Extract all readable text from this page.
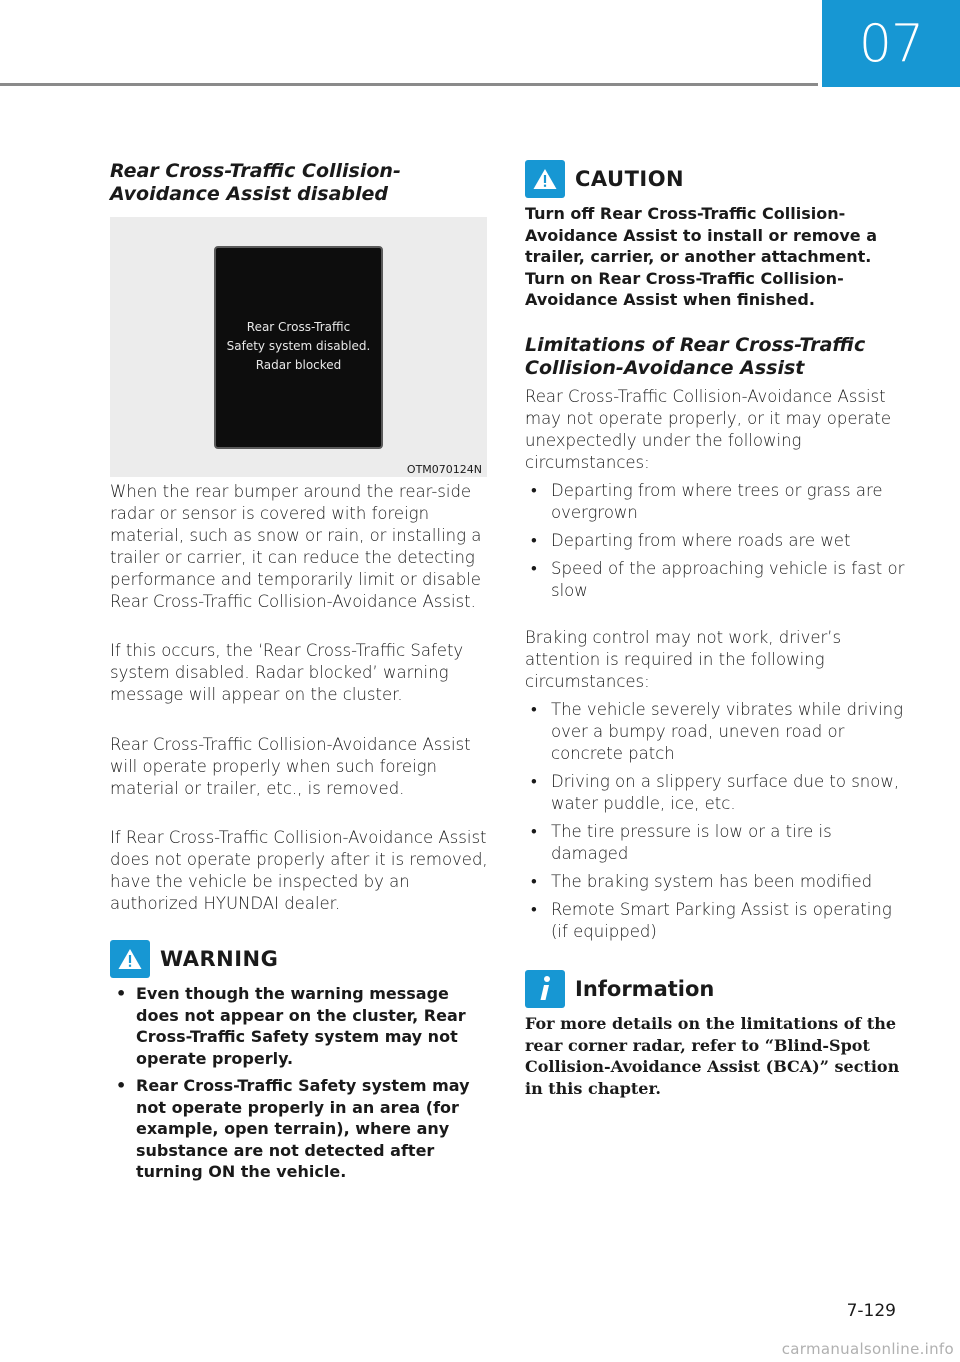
07
Rear Cross-Traffic Collision-
Avoidance Assist disabled
Rear Cross-Traffic
Safety system disabled.
Radar blocked
OTM070124N
When the rear bumper around the rear-side radar or sensor is covered with foreign material, such as snow or rain, or installing a trailer or carrier, it can reduce the detecting performance and temporarily limit or disable Rear Cross-Traffic Collision-Avoidance Assist.
If this occurs, the ‘Rear Cross-Traffic Safety system disabled. Radar blocked’ warning message will appear on the cluster.
Rear Cross-Traffic Collision-Avoidance Assist will operate properly when such foreign material or trailer, etc., is removed.
If Rear Cross-Traffic Collision-Avoidance Assist does not operate properly after it is removed, have the vehicle be inspected by an authorized HYUNDAI dealer.
WARNING
• Even though the warning message does not appear on the cluster, Rear Cross-Traffic Safety system may not operate properly.
• Rear Cross-Traffic Safety system may not operate properly in an area (for example, open terrain), where any substance are not detected after turning ON the vehicle.
CAUTION
Turn off Rear Cross-Traffic Collision-Avoidance Assist to install or remove a trailer, carrier, or another attachment. Turn on Rear Cross-Traffic Collision-Avoidance Assist when finished.
Limitations of Rear Cross-Traffic
Collision-Avoidance Assist
Rear Cross-Traffic Collision-Avoidance Assist may not operate properly, or it may operate unexpectedly under the following circumstances:
• Departing from where trees or grass are overgrown
• Departing from where roads are wet
• Speed of the approaching vehicle is fast or slow
Braking control may not work, driver’s attention is required in the following circumstances:
• The vehicle severely vibrates while driving over a bumpy road, uneven road or concrete patch
• Driving on a slippery surface due to snow, water puddle, ice, etc.
• The tire pressure is low or a tire is damaged
• The braking system has been modified
• Remote Smart Parking Assist is operating (if equipped)
Information
For more details on the limitations of the rear corner radar, refer to “Blind-Spot Collision-Avoidance Assist (BCA)” section in this chapter.
7-129
carmanualsonline.info
